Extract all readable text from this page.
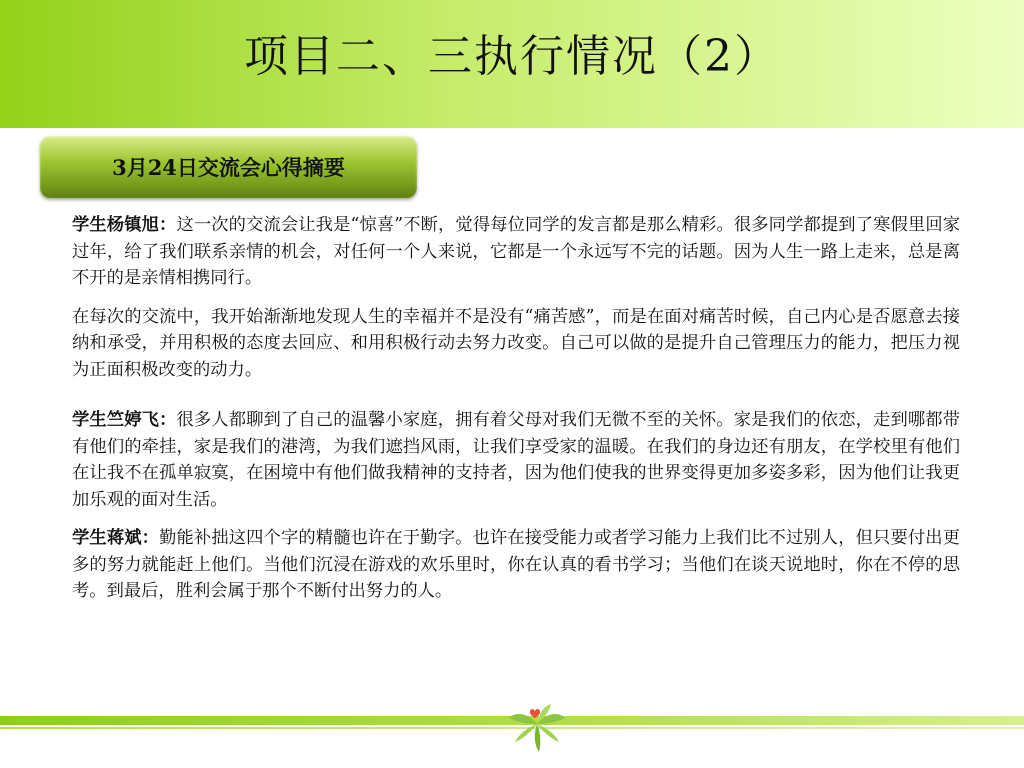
项目二、三执行情况（2）
3月24日交流会心得摘要

学生杨镇旭：这一次的交流会让我是“惊喜”不断，觉得每位同学的发言都是那么精彩。很多同学都提到了寒假里回家过年，给了我们联系亲情的机会，对任何一个人来说，它都是一个永远写不完的话题。因为人生一路上走来，总是离不开的是亲情相携同行。

在每次的交流中，我开始渐渐地发现人生的幸福并不是没有“痛苦感”，而是在面对痛苦时候，自己内心是否愿意去接纳和承受，并用积极的态度去回应、和用积极行动去努力改变。自己可以做的是提升自己管理压力的能力，把压力视为正面积极改变的动力。

学生竺婷飞：很多人都聊到了自己的温馨小家庭，拥有着父母对我们无微不至的关怀。家是我们的依恋，走到哪都带有他们的牵挂，家是我们的港湾，为我们遮挡风雨，让我们享受家的温暖。在我们的身边还有朋友，在学校里有他们在让我不在孤单寂寞，在困境中有他们做我精神的支持者，因为他们使我的世界变得更加多姿多彩，因为他们让我更加乐观的面对生活。

学生蒋斌：勤能补拙这四个字的精髓也许在于勤字。也许在接受能力或者学习能力上我们比不过别人，但只要付出更多的努力就能赶上他们。当他们沉浸在游戏的欢乐里时，你在认真的看书学习；当他们在谈天说地时，你在不停的思考。到最后，胜利会属于那个不断付出努力的人。
